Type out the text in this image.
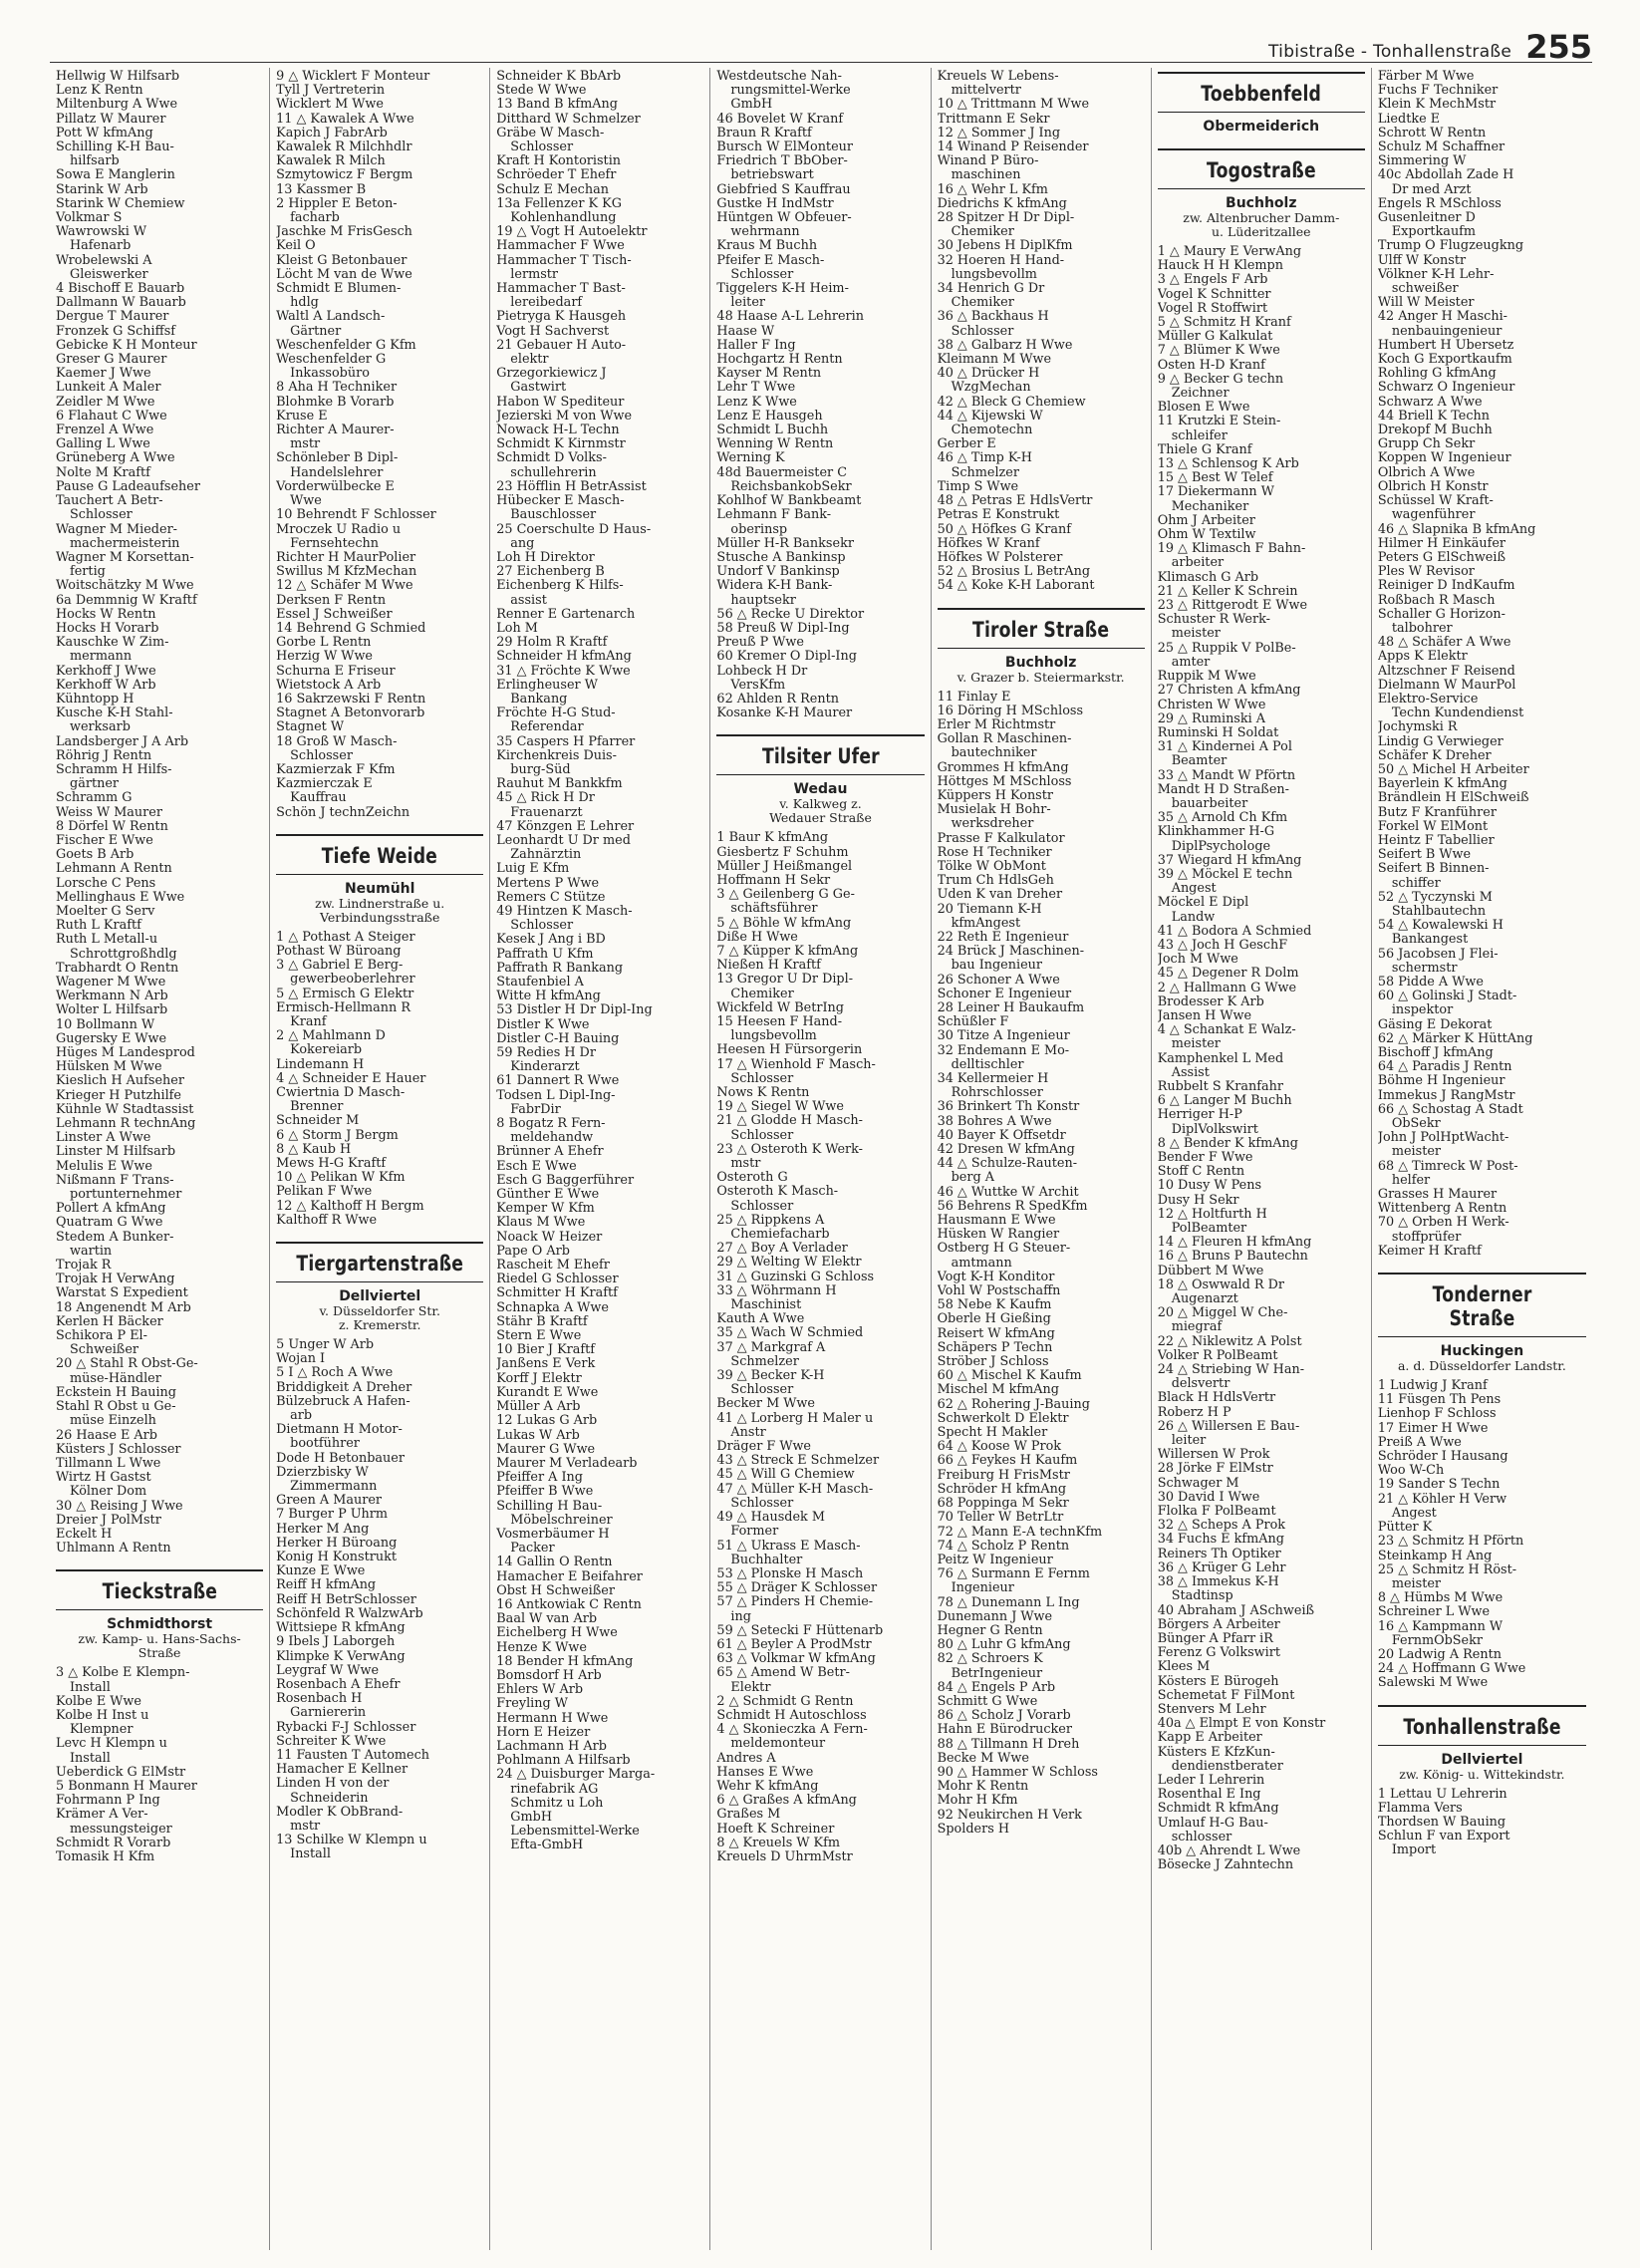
Tibistraße - Tonhallenstraße 255
Hellwig W Hilfsarb
Lenz K Rentn
Miltenburg A Wwe
Pillatz W Maurer
Pott W kfmAng
Schilling K-H Bau-
hilfsarb
Sowa E Manglerin
Starink W Arb
Starink W Chemiew
Volkmar S
Wawrowski W
Hafenarb
Wrobelewski A
Gleiswerker
4 Bischoff E Bauarb
Dallmann W Bauarb
Dergue T Maurer
Fronzek G Schiffsf
Gebicke K H Monteur
Greser G Maurer
Kaemer J Wwe
Lunkeit A Maler
Zeidler M Wwe
6 Flahaut C Wwe
Frenzel A Wwe
Galling L Wwe
Grüneberg A Wwe
Nolte M Kraftf
Pause G Ladeaufseher
Tauchert A Betr-
Schlosser
Wagner M Mieder-
machermeisterin
Wagner M Korsettan-
fertig
Woitschätzky M Wwe
6a Demmnig W Kraftf
Hocks W Rentn
Hocks H Vorarb
Kauschke W Zim-
mermann
Kerkhoff J Wwe
Kerkhoff W Arb
Kühntopp H
Kusche K-H Stahl-
werksarb
Landsberger J A Arb
Röhrig J Rentn
Schramm H Hilfs-
gärtner
Schramm G
Weiss W Maurer
8 Dörfel W Rentn
Fischer E Wwe
Goets B Arb
Lehmann A Rentn
Lorsche C Pens
Mellinghaus E Wwe
Moelter G Serv
Ruth L Kraftf
Ruth L Metall-u
Schrottgroßhdlg
Trabhardt O Rentn
Wagener M Wwe
Werkmann N Arb
Wolter L Hilfsarb
10 Bollmann W
Gugersky E Wwe
Hüges M Landesprod
Hülsken M Wwe
Kieslich H Aufseher
Krieger H Putzhilfe
Kühnle W Stadtassist
Lehmann R technAng
Linster A Wwe
Linster M Hilfsarb
Melulis E Wwe
Nißmann F Trans-
portunternehmer
Pollert A kfmAng
Quatram G Wwe
Stedem A Bunker-
wartin
Trojak R
Trojak H VerwAng
Warstat S Expedient
18 Angenendt M Arb
Kerlen H Bäcker
Schikora P El-
Schweißer
20 △ Stahl R Obst-Ge-
müse-Händler
Eckstein H Bauing
Stahl R Obst u Ge-
müse Einzelh
26 Haase E Arb
Küsters J Schlosser
Tillmann L Wwe
Wirtz H Gastst
Kölner Dom
30 △ Reising J Wwe
Dreier J PolMstr
Eckelt H
Uhlmann A Rentn
Tieckstraße
Schmidthorst
zw. Kamp- u. Hans-Sachs-
Straße
3 △ Kolbe E Klempn-
Install
Kolbe E Wwe
Kolbe H Inst u
Klempner
Levc H Klempn u
Install
Ueberdick G ElMstr
5 Bonmann H Maurer
Fohrmann P Ing
Krämer A Ver-
messungsteiger
Schmidt R Vorarb
Tomasik H Kfm
9 △ Wicklert F Monteur
Tyll J Vertreterin
Wicklert M Wwe
11 △ Kawalek A Wwe
Kapich J FabrArb
Kawalek R Milchhdlr
Kawalek R Milch
Szmytowicz F Bergm
13 Kassmer B
2 Hippler E Beton-
facharb
Jaschke M FrisGesch
Keil O
Kleist G Betonbauer
Löcht M van de Wwe
Schmidt E Blumen-
hdlg
Waltl A Landsch-
Gärtner
Weschenfelder G Kfm
Weschenfelder G
Inkassobüro
8 Aha H Techniker
Blohmke B Vorarb
Kruse E
Richter A Maurer-
mstr
Schönleber B Dipl-
Handelslehrer
Vorderwülbecke E
Wwe
10 Behrendt F Schlosser
Mroczek U Radio u
Fernsehtechn
Richter H MaurPolier
Swillus M KfzMechan
12 △ Schäfer M Wwe
Derksen F Rentn
Essel J Schweißer
14 Behrend G Schmied
Gorbe L Rentn
Herzig W Wwe
Schurna E Friseur
Wietstock A Arb
16 Sakrzewski F Rentn
Stagnet A Betonvorarb
Stagnet W
18 Groß W Masch-
Schlosser
Kazmierzak F Kfm
Kazmierczak E
Kauffrau
Schön J technZeichn
Tiefe Weide
Neumühl
zw. Lindnerstraße u.
Verbindungsstraße
1 △ Pothast A Steiger
Pothast W Büroang
3 △ Gabriel E Berg-
gewerbeoberlehrer
5 △ Ermisch G Elektr
Ermisch-Hellmann R
Kranf
2 △ Mahlmann D
Kokereiarb
Lindemann H
4 △ Schneider E Hauer
Cwiertnia D Masch-
Brenner
Schneider M
6 △ Storm J Bergm
8 △ Kaub H
Mews H-G Kraftf
10 △ Pelikan W Kfm
Pelikan F Wwe
12 △ Kalthoff H Bergm
Kalthoff R Wwe
Tiergartenstraße
Dellviertel
v. Düsseldorfer Str.
z. Kremerstr.
5 Unger W Arb
Wojan I
5 I △ Roch A Wwe
Briddigkeit A Dreher
Bülzebruck A Hafen-
arb
Dietmann H Motor-
bootführer
Dode H Betonbauer
Dzierzbisky W
Zimmermann
Green A Maurer
7 Burger P Uhrm
Herker M Ang
Herker H Büroang
Konig H Konstrukt
Kunze E Wwe
Reiff H kfmAng
Reiff H BetrSchlosser
Schönfeld R WalzwArb
Wittsiepe R kfmAng
9 Ibels J Laborgeh
Klimpke K VerwAng
Leygraf W Wwe
Rosenbach A Ehefr
Rosenbach H
Garniererin
Rybacki F-J Schlosser
Schreiter K Wwe
11 Fausten T Automech
Hamacher E Kellner
Linden H von der
Schneiderin
Modler K ObBrand-
mstr
13 Schilke W Klempn u
Install
Schneider K BbArb
Stede W Wwe
13 Band B kfmAng
Ditthard W Schmelzer
Gräbe W Masch-
Schlosser
Kraft H Kontoristin
Schröeder T Ehefr
Schulz E Mechan
13a Fellenzer K KG
Kohlenhandlung
19 △ Vogt H Autoelektr
Hammacher F Wwe
Hammacher T Tisch-
lermstr
Hammacher T Bast-
lereibedarf
Pietryga K Hausgeh
Vogt H Sachverst
21 Gebauer H Auto-
elektr
Grzegorkiewicz J
Gastwirt
Habon W Spediteur
Jezierski M von Wwe
Nowack H-L Techn
Schmidt K Kirnmstr
Schmidt D Volks-
schullehrerin
23 Höfflin H BetrAssist
Hübecker E Masch-
Bauschlosser
25 Coerschulte D Haus-
ang
Loh H Direktor
27 Eichenberg B
Eichenberg K Hilfs-
assist
Renner E Gartenarch
Loh M
29 Holm R Kraftf
Schneider H kfmAng
31 △ Fröchte K Wwe
Erlingheuser W
Bankang
Fröchte H-G Stud-
Referendar
35 Caspers H Pfarrer
Kirchenkreis Duis-
burg-Süd
Rauhut M Bankkfm
45 △ Rick H Dr
Frauenarzt
47 Könzgen E Lehrer
Leonhardt U Dr med
Zahnärztin
Luig E Kfm
Mertens P Wwe
Remers C Stütze
49 Hintzen K Masch-
Schlosser
Kesek J Ang i BD
Paffrath U Kfm
Paffrath R Bankang
Staufenbiel A
Witte H kfmAng
53 Distler H Dr Dipl-Ing
Distler K Wwe
Distler C-H Bauing
59 Redies H Dr
Kinderarzt
61 Dannert R Wwe
Todsen L Dipl-Ing-
FabrDir
8 Bogatz R Fern-
meldehandw
Brünner A Ehefr
Esch E Wwe
Esch G Baggerführer
Günther E Wwe
Kemper W Kfm
Klaus M Wwe
Noack W Heizer
Pape O Arb
Rascheit M Ehefr
Riedel G Schlosser
Schmitter H Kraftf
Schnapka A Wwe
Stähr B Kraftf
Stern E Wwe
10 Bier J Kraftf
Janßens E Verk
Korff J Elektr
Kurandt E Wwe
Müller A Arb
12 Lukas G Arb
Lukas W Arb
Maurer G Wwe
Maurer M Verladearb
Pfeiffer A Ing
Pfeiffer B Wwe
Schilling H Bau-
Möbelschreiner
Vosmerbäumer H
Packer
14 Gallin O Rentn
Hamacher E Beifahrer
Obst H Schweißer
16 Antkowiak C Rentn
Baal W van Arb
Eichelberg H Wwe
Henze K Wwe
18 Bender H kfmAng
Bomsdorf H Arb
Ehlers W Arb
Freyling W
Hermann H Wwe
Horn E Heizer
Lachmann H Arb
Pohlmann A Hilfsarb
24 △ Duisburger Marga-
rinefabrik AG
Schmitz u Loh
GmbH
Lebensmittel-Werke
Efta-GmbH
Westdeutsche Nah-
rungsmittel-Werke
GmbH
46 Bovelet W Kranf
Braun R Kraftf
Bursch W ElMonteur
Friedrich T BbOber-
betriebswart
Giebfried S Kauffrau
Gustke H IndMstr
Hüntgen W Obfeuer-
wehrmann
Kraus M Buchh
Pfeifer E Masch-
Schlosser
Tiggelers K-H Heim-
leiter
48 Haase A-L Lehrerin
Haase W
Haller F Ing
Hochgartz H Rentn
Kayser M Rentn
Lehr T Wwe
Lenz K Wwe
Lenz E Hausgeh
Schmidt L Buchh
Wenning W Rentn
Werning K
48d Bauermeister C
ReichsbankobSekr
Kohlhof W Bankbeamt
Lehmann F Bank-
oberinsp
Müller H-R Banksekr
Stusche A Bankinsp
Undorf V Bankinsp
Widera K-H Bank-
hauptsekr
56 △ Recke U Direktor
58 Preuß W Dipl-Ing
Preuß P Wwe
60 Kremer O Dipl-Ing
Lohbeck H Dr
VersKfm
62 Ahlden R Rentn
Kosanke K-H Maurer
Tilsiter Ufer
Wedau
v. Kalkweg z.
Wedauer Straße
1 Baur K kfmAng
Giesbertz F Schuhm
Müller J Heißmangel
Hoffmann H Sekr
3 △ Geilenberg G Ge-
schäftsführer
5 △ Böhle W kfmAng
Diße H Wwe
7 △ Küpper K kfmAng
Nießen H Kraftf
13 Gregor U Dr Dipl-
Chemiker
Wickfeld W BetrIng
15 Heesen F Hand-
lungsbevollm
Heesen H Fürsorgerin
17 △ Wienhold F Masch-
Schlosser
Nows K Rentn
19 △ Siegel W Wwe
21 △ Glodde H Masch-
Schlosser
23 △ Osteroth K Werk-
mstr
Osteroth G
Osteroth K Masch-
Schlosser
25 △ Rippkens A
Chemiefacharb
27 △ Boy A Verlader
29 △ Welting W Elektr
31 △ Guzinski G Schloss
33 △ Wöhrmann H
Maschinist
Kauth A Wwe
35 △ Wach W Schmied
37 △ Markgraf A
Schmelzer
39 △ Becker K-H
Schlosser
Becker M Wwe
41 △ Lorberg H Maler u
Anstr
Dräger F Wwe
43 △ Streck E Schmelzer
45 △ Will G Chemiew
47 △ Müller K-H Masch-
Schlosser
49 △ Hausdek M
Former
51 △ Ukrass E Masch-
Buchhalter
53 △ Plonske H Masch
55 △ Dräger K Schlosser
57 △ Pinders H Chemie-
ing
59 △ Setecki F Hüttenarb
61 △ Beyler A ProdMstr
63 △ Volkmar W kfmAng
65 △ Amend W Betr-
Elektr
2 △ Schmidt G Rentn
Schmidt H Autoschloss
4 △ Skonieczka A Fern-
meldemonteur
Andres A
Hanses E Wwe
Wehr K kfmAng
6 △ Graßes A kfmAng
Graßes M
Hoeft K Schreiner
8 △ Kreuels W Kfm
Kreuels D UhrmMstr
Kreuels W Lebens-
mittelvertr
10 △ Trittmann M Wwe
Trittmann E Sekr
12 △ Sommer J Ing
14 Winand P Reisender
Winand P Büro-
maschinen
16 △ Wehr L Kfm
Diedrichs K kfmAng
28 Spitzer H Dr Dipl-
Chemiker
30 Jebens H DiplKfm
32 Hoeren H Hand-
lungsbevollm
34 Henrich G Dr
Chemiker
36 △ Backhaus H
Schlosser
38 △ Galbarz H Wwe
Kleimann M Wwe
40 △ Drücker H
WzgMechan
42 △ Bleck G Chemiew
44 △ Kijewski W
Chemotechn
Gerber E
46 △ Timp K-H
Schmelzer
Timp S Wwe
48 △ Petras E HdlsVertr
Petras E Konstrukt
50 △ Höfkes G Kranf
Höfkes W Kranf
Höfkes W Polsterer
52 △ Brosius L BetrAng
54 △ Koke K-H Laborant
Tiroler Straße
Buchholz
v. Grazer b. Steiermarkstr.
11 Finlay E
16 Döring H MSchloss
Erler M Richtmstr
Gollan R Maschinen-
bautechniker
Grommes H kfmAng
Höttges M MSchloss
Küppers H Konstr
Musielak H Bohr-
werksdreher
Prasse F Kalkulator
Rose H Techniker
Tölke W ObMont
Trum Ch HdlsGeh
Uden K van Dreher
20 Tiemann K-H
kfmAngest
22 Reth E Ingenieur
24 Brück J Maschinen-
bau Ingenieur
26 Schoner A Wwe
Schoner E Ingenieur
28 Leiner H Baukaufm
Schüßler F
30 Titze A Ingenieur
32 Endemann E Mo-
delltischler
34 Kellermeier H
Rohrschlosser
36 Brinkert Th Konstr
38 Bohres A Wwe
40 Bayer K Offsetdr
42 Dresen W kfmAng
44 △ Schulze-Rauten-
berg A
46 △ Wuttke W Archit
56 Behrens R SpedKfm
Hausmann E Wwe
Hüsken W Rangier
Ostberg H G Steuer-
amtmann
Vogt K-H Konditor
Vohl W Postschaffn
58 Nebe K Kaufm
Oberle H Gießing
Reisert W kfmAng
Schäpers P Techn
Ströber J Schloss
60 △ Mischel K Kaufm
Mischel M kfmAng
62 △ Rohering J-Bauing
Schwerkolt D Elektr
Specht H Makler
64 △ Koose W Prok
66 △ Feykes H Kaufm
Freiburg H FrisMstr
Schröder H kfmAng
68 Poppinga M Sekr
70 Teller W BetrLtr
72 △ Mann E-A technKfm
74 △ Scholz P Rentn
Peitz W Ingenieur
76 △ Surmann E Fernm
Ingenieur
78 △ Dunemann L Ing
Dunemann J Wwe
Hegner G Rentn
80 △ Luhr G kfmAng
82 △ Schroers K
BetrIngenieur
84 △ Engels P Arb
Schmitt G Wwe
86 △ Scholz J Vorarb
Hahn E Bürodrucker
88 △ Tillmann H Dreh
Becke M Wwe
90 △ Hammer W Schloss
Mohr K Rentn
Mohr H Kfm
92 Neukirchen H Verk
Spolders H
Toebbenfeld
Obermeiderich
Togostraße
Buchholz
zw. Altenbrucher Damm-
u. Lüderitzallee
1 △ Maury E VerwAng
Hauck H H Klempn
3 △ Engels F Arb
Vogel K Schnitter
Vogel R Stoffwirt
5 △ Schmitz H Kranf
Müller G Kalkulat
7 △ Blümer K Wwe
Osten H-D Kranf
9 △ Becker G techn
Zeichner
Blosen E Wwe
11 Krutzki E Stein-
schleifer
Thiele G Kranf
13 △ Schlensog K Arb
15 △ Best W Telef
17 Diekermann W
Mechaniker
Ohm J Arbeiter
Ohm W Textilw
19 △ Klimasch F Bahn-
arbeiter
Klimasch G Arb
21 △ Keller K Schrein
23 △ Rittgerodt E Wwe
Schuster R Werk-
meister
25 △ Ruppik V PolBe-
amter
Ruppik M Wwe
27 Christen A kfmAng
Christen W Wwe
29 △ Ruminski A
Ruminski H Soldat
31 △ Kindernei A Pol
Beamter
33 △ Mandt W Pförtn
Mandt H D Straßen-
bauarbeiter
35 △ Arnold Ch Kfm
Klinkhammer H-G
DiplPsychologe
37 Wiegard H kfmAng
39 △ Möckel E techn
Angest
Möckel E Dipl
Landw
41 △ Bodora A Schmied
43 △ Joch H GeschF
Joch M Wwe
45 △ Degener R Dolm
2 △ Hallmann G Wwe
Brodesser K Arb
Jansen H Wwe
4 △ Schankat E Walz-
meister
Kamphenkel L Med
Assist
Rubbelt S Kranfahr
6 △ Langer M Buchh
Herriger H-P
DiplVolkswirt
8 △ Bender K kfmAng
Bender F Wwe
Stoff C Rentn
10 Dusy W Pens
Dusy H Sekr
12 △ Holtfurth H
PolBeamter
14 △ Fleuren H kfmAng
16 △ Bruns P Bautechn
Dübbert M Wwe
18 △ Oswwald R Dr
Augenarzt
20 △ Miggel W Che-
miegraf
22 △ Niklewitz A Polst
Volker R PolBeamt
24 △ Striebing W Han-
delsvertr
Black H HdlsVertr
Roberz H P
26 △ Willersen E Bau-
leiter
Willersen W Prok
28 Jörke F ElMstr
Schwager M
30 David I Wwe
Flolka F PolBeamt
32 △ Scheps A Prok
34 Fuchs E kfmAng
Reiners Th Optiker
36 △ Krüger G Lehr
38 △ Immekus K-H
Stadtinsp
40 Abraham J ASchweiß
Börgers A Arbeiter
Bünger A Pfarr iR
Ferenz G Volkswirt
Klees M
Kösters E Bürogeh
Schemetat F FilMont
Stenvers M Lehr
40a △ Elmpt E von Konstr
Kapp E Arbeiter
Küsters E KfzKun-
dendienstberater
Leder I Lehrerin
Rosenthal E Ing
Schmidt R kfmAng
Umlauf H-G Bau-
schlosser
40b △ Ahrendt L Wwe
Bösecke J Zahntechn
Färber M Wwe
Fuchs F Techniker
Klein K MechMstr
Liedtke E
Schrott W Rentn
Schulz M Schaffner
Simmering W
40c Abdollah Zade H
Dr med Arzt
Engels R MSchloss
Gusenleitner D
Exportkaufm
Trump O Flugzeugkng
Ulff W Konstr
Völkner K-H Lehr-
schweißer
Will W Meister
42 Anger H Maschi-
nenbauingenieur
Humbert H Übersetz
Koch G Exportkaufm
Rohling G kfmAng
Schwarz O Ingenieur
Schwarz A Wwe
44 Briell K Techn
Drekopf M Buchh
Grupp Ch Sekr
Koppen W Ingenieur
Olbrich A Wwe
Olbrich H Konstr
Schüssel W Kraft-
wagenführer
46 △ Slapnika B kfmAng
Hilmer H Einkäufer
Peters G ElSchweiß
Ples W Revisor
Reiniger D IndKaufm
Roßbach R Masch
Schaller G Horizon-
talbohrer
48 △ Schäfer A Wwe
Apps K Elektr
Altzschner F Reisend
Dielmann W MaurPol
Elektro-Service
Techn Kundendienst
Jochymski R
Lindig G Verwieger
Schäfer K Dreher
50 △ Michel H Arbeiter
Bayerlein K kfmAng
Brändlein H ElSchweiß
Butz F Kranführer
Forkel W ElMont
Heintz F Tabellier
Seifert B Wwe
Seifert B Binnen-
schiffer
52 △ Tyczynski M
Stahlbautechn
54 △ Kowalewski H
Bankangest
56 Jacobsen J Flei-
schermstr
58 Pidde A Wwe
60 △ Golinski J Stadt-
inspektor
Gäsing E Dekorat
62 △ Märker K HüttAng
Bischoff J kfmAng
64 △ Paradis J Rentn
Böhme H Ingenieur
Immekus J RangMstr
66 △ Schostag A Stadt
ObSekr
John J PolHptWacht-
meister
68 △ Timreck W Post-
helfer
Grasses H Maurer
Wittenberg A Rentn
70 △ Orben H Werk-
stoffprüfer
Keimer H Kraftf
Tonderner Straße
Huckingen
a. d. Düsseldorfer Landstr.
1 Ludwig J Kranf
11 Füsgen Th Pens
Lienhop F Schloss
17 Eimer H Wwe
Preiß A Wwe
Schröder I Hausang
Woo W-Ch
19 Sander S Techn
21 △ Köhler H Verw
Angest
Pütter K
23 △ Schmitz H Pförtn
Steinkamp H Ang
25 △ Schmitz H Röst-
meister
8 △ Hümbs M Wwe
Schreiner L Wwe
16 △ Kampmann W
FernmObSekr
20 Ladwig A Rentn
24 △ Hoffmann G Wwe
Salewski M Wwe
Tonhallenstraße
Dellviertel
zw. König- u. Wittekindstr.
1 Lettau U Lehrerin
Flamma Vers
Thordsen W Bauing
Schlun F van Export
Import
